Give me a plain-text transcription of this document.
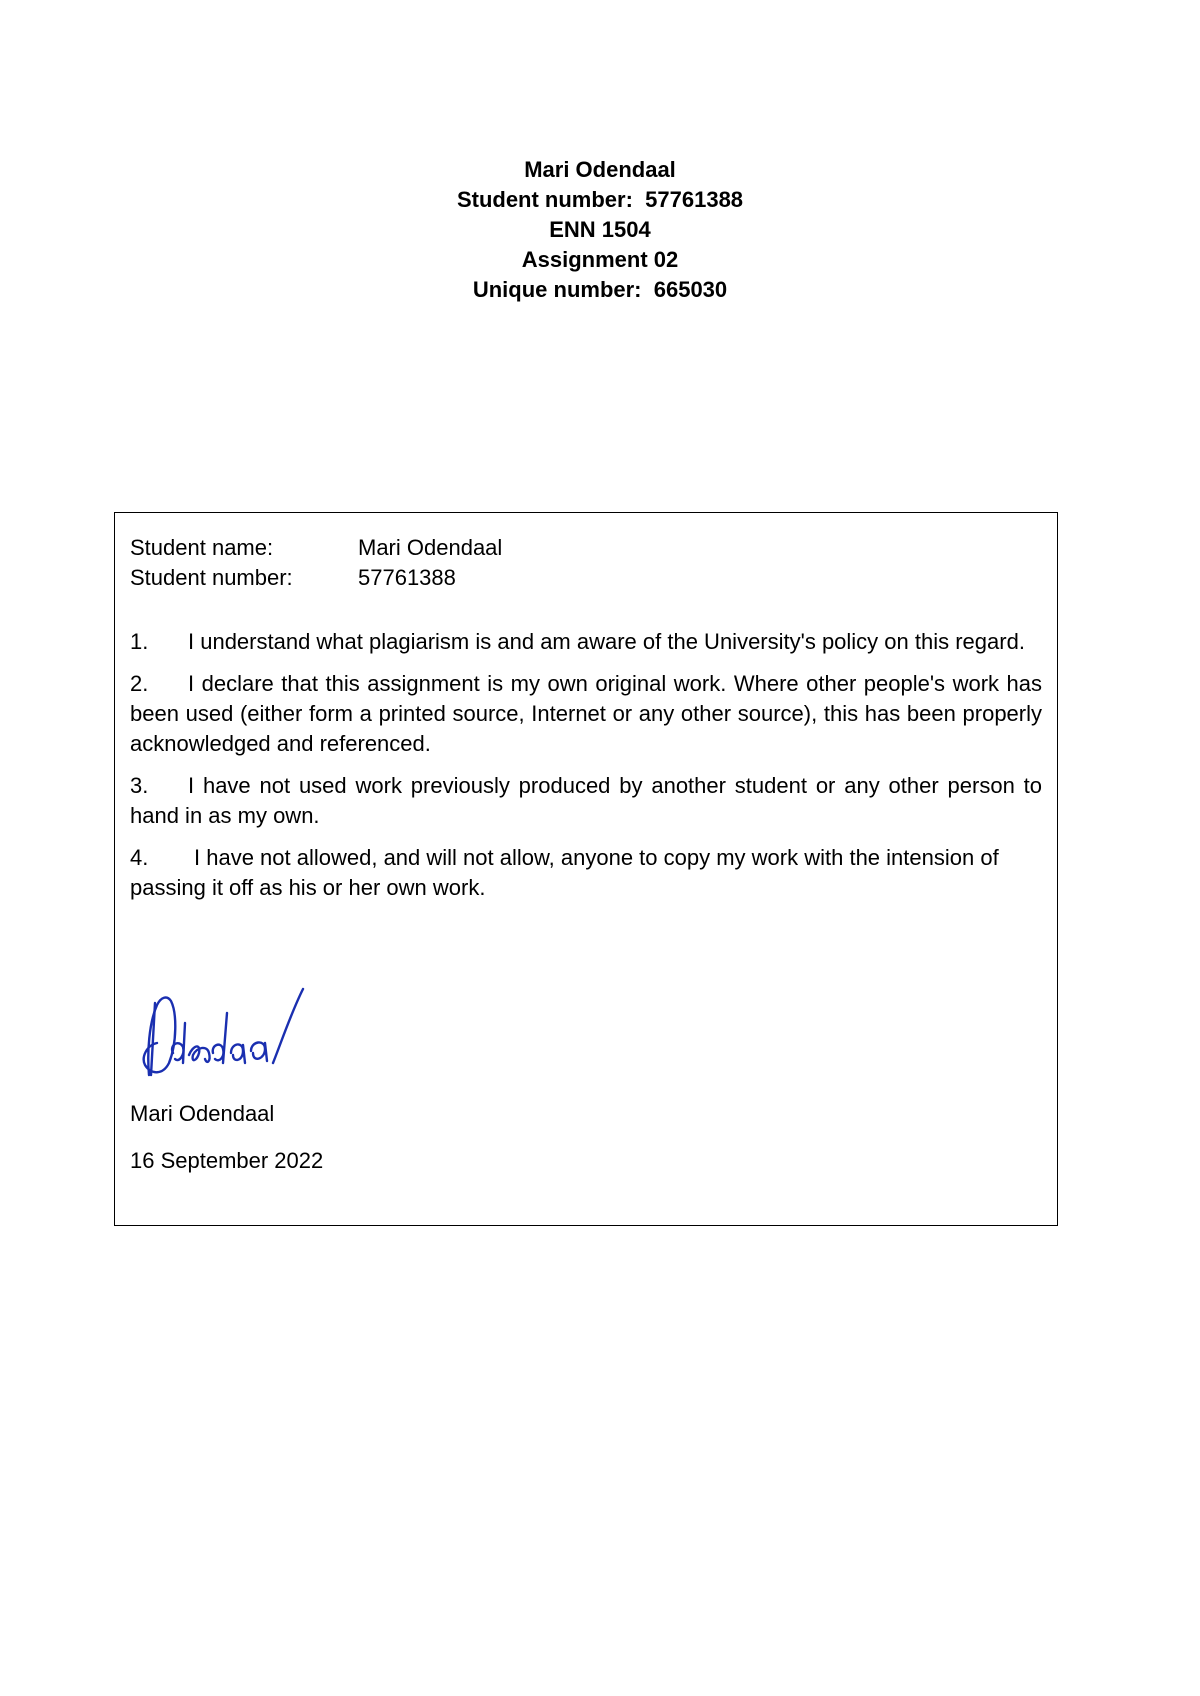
Mari Odendaal
Student number:  57761388
ENN 1504
Assignment 02
Unique number:  665030
Student name:	Mari Odendaal
Student number:	57761388
1. I understand what plagiarism is and am aware of the University's policy on this regard.
2. I declare that this assignment is my own original work. Where other people's work has been used (either form a printed source, Internet or any other source), this has been properly acknowledged and referenced.
3. I have not used work previously produced by another student or any other person to hand in as my own.
4. I have not allowed, and will not allow, anyone to copy my work with the intension of passing it off as his or her own work.
Mari Odendaal
16 September 2022
